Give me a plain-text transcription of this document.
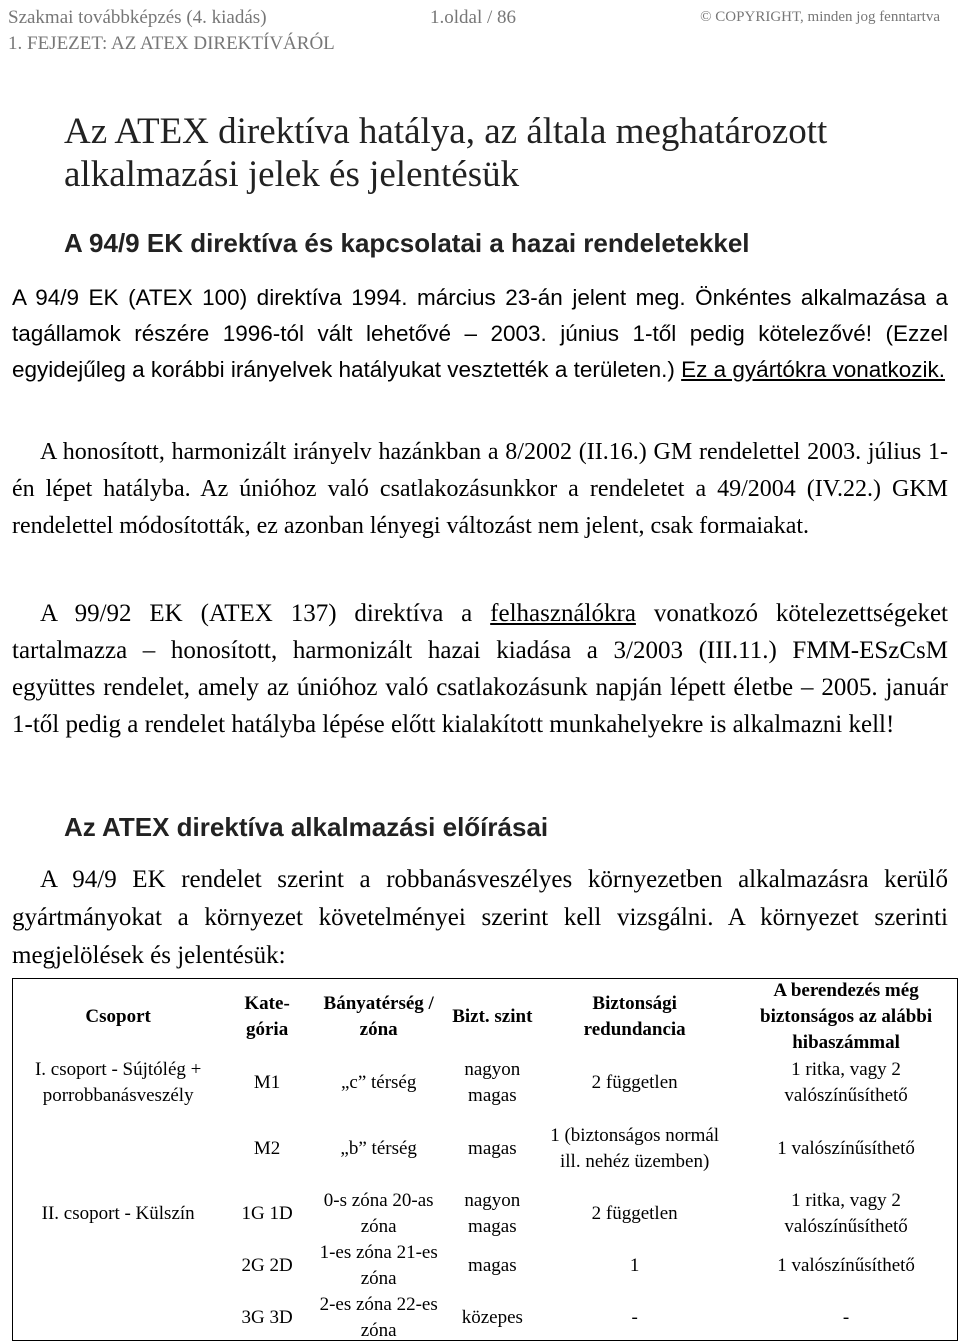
Szakmai továbbképzés (4. kiadás)	1.oldal / 86	© COPYRIGHT, minden jog fenntartva
1. FEJEZET: AZ ATEX DIREKTÍVÁRÓL
Az ATEX direktíva hatálya, az általa meghatározott alkalmazási jelek és jelentésük
A 94/9 EK direktíva és kapcsolatai a hazai rendeletekkel
A 94/9 EK (ATEX 100) direktíva 1994. március 23-án jelent meg. Önkéntes alkalmazása a tagállamok részére 1996-tól vált lehetővé – 2003. június 1-től pedig kötelezővé! (Ezzel egyidejűleg a korábbi irányelvek hatályukat vesztették a területen.) Ez a gyártókra vonatkozik.
A honosított, harmonizált irányelv hazánkban a 8/2002 (II.16.) GM rendelettel 2003. július 1-én lépet hatályba. Az únióhoz való csatlakozásunkkor a rendeletet a 49/2004 (IV.22.) GKM rendelettel módosították, ez azonban lényegi változást nem jelent, csak formaiakat.
A 99/92 EK (ATEX 137) direktíva a felhasználókra vonatkozó kötelezettségeket tartalmazza – honosított, harmonizált hazai kiadása a 3/2003 (III.11.) FMM-ESzCsM együttes rendelet, amely az únióhoz való csatlakozásunk napján lépett életbe – 2005. január 1-től pedig a rendelet hatályba lépése előtt kialakított munkahelyekre is alkalmazni kell!
Az ATEX direktíva alkalmazási előírásai
A 94/9 EK rendelet szerint a robbanásveszélyes környezetben alkalmazásra kerülő gyártmányokat a környezet követelményei szerint kell vizsgálni. A környezet szerinti megjelölések és jelentésük:
Csoport	Kate-gória	Bányatérség / zóna	Bizt. szint	Biztonsági redundancia	A berendezés még biztonságos az alábbi hibaszámmal
I. csoport - Sújtólég + porrobbanásveszély	M1	„c” térség	nagyon magas	2 független	1 ritka, vagy 2 valószínűsíthető
	M2	„b” térség	magas	1 (biztonságos normál ill. nehéz üzemben)	1 valószínűsíthető
II. csoport - Külszín	1G 1D	0-s zóna 20-as zóna	nagyon magas	2 független	1 ritka, vagy 2 valószínűsíthető
	2G 2D	1-es zóna 21-es zóna	magas	1	1 valószínűsíthető
	3G 3D	2-es zóna 22-es zóna	közepes	-	-
